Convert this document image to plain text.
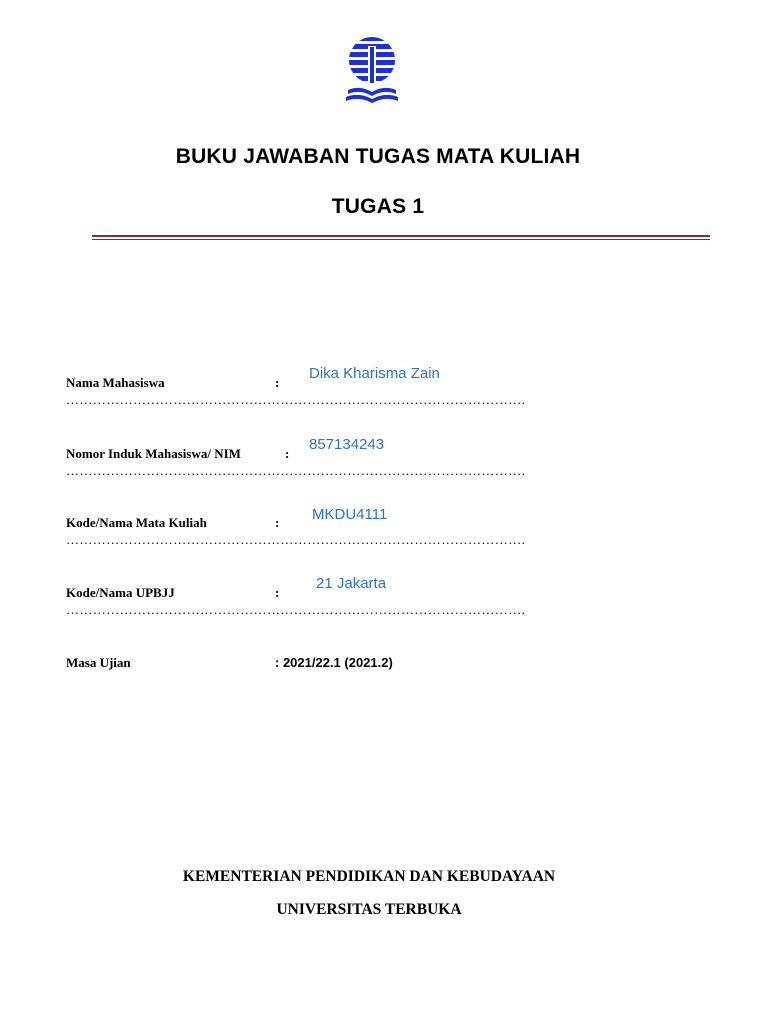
BUKU JAWABAN TUGAS MATA KULIAH
TUGAS 1
Nama Mahasiswa	:
Dika Kharisma Zain
………………………………………………………………………………………….
Nomor Induk Mahasiswa/ NIM	:
857134243
………………………………………………………………………………………….
Kode/Nama Mata Kuliah	: MKDU4111
………………………………………………………………………………………….
Kode/Nama UPBJJ	:
21 Jakarta
………………………………………………………………………………………….
Masa Ujian	: 2021/22.1 (2021.2)
KEMENTERIAN PENDIDIKAN DAN KEBUDAYAAN
UNIVERSITAS TERBUKA
